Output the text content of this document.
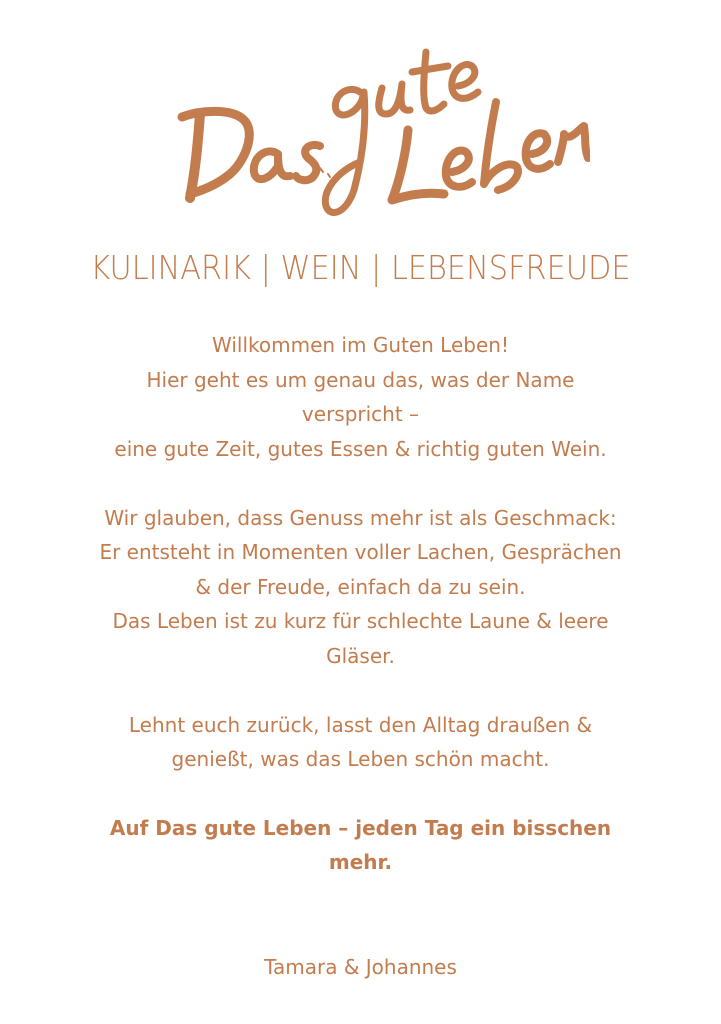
KULINARIK | WEIN | LEBENSFREUDE
Willkommen im Guten Leben!
Hier geht es um genau das, was der Name
verspricht –
eine gute Zeit, gutes Essen & richtig guten Wein.
Wir glauben, dass Genuss mehr ist als Geschmack:
Er entsteht in Momenten voller Lachen, Gesprächen
& der Freude, einfach da zu sein.
Das Leben ist zu kurz für schlechte Laune & leere
Gläser.
Lehnt euch zurück, lasst den Alltag draußen &
genießt, was das Leben schön macht.
Auf Das gute Leben – jeden Tag ein bisschen mehr.
Tamara & Johannes
